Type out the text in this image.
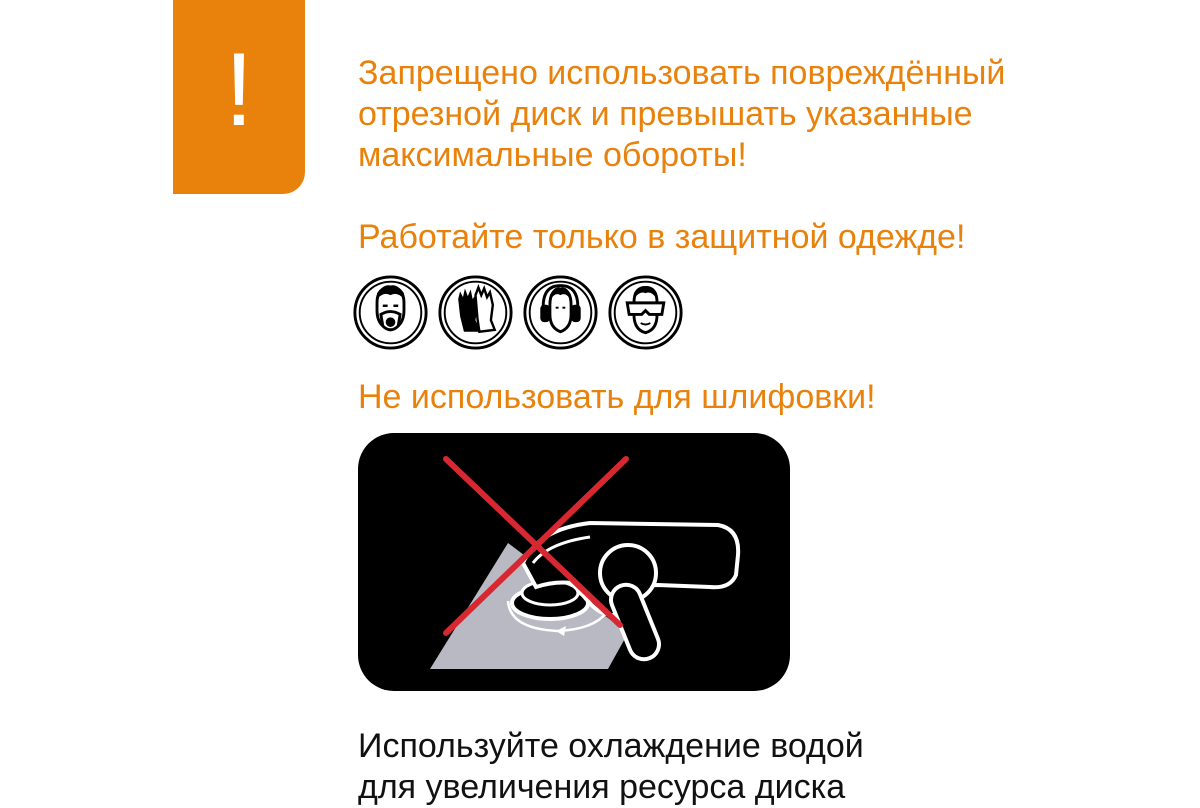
!	Запрещено использовать повреждённый
отрезной диск и превышать указанные
максимальные обороты!

Работайте только в защитной одежде!

Не использовать для шлифовки!

Используйте охлаждение водой
для увеличения ресурса диска
